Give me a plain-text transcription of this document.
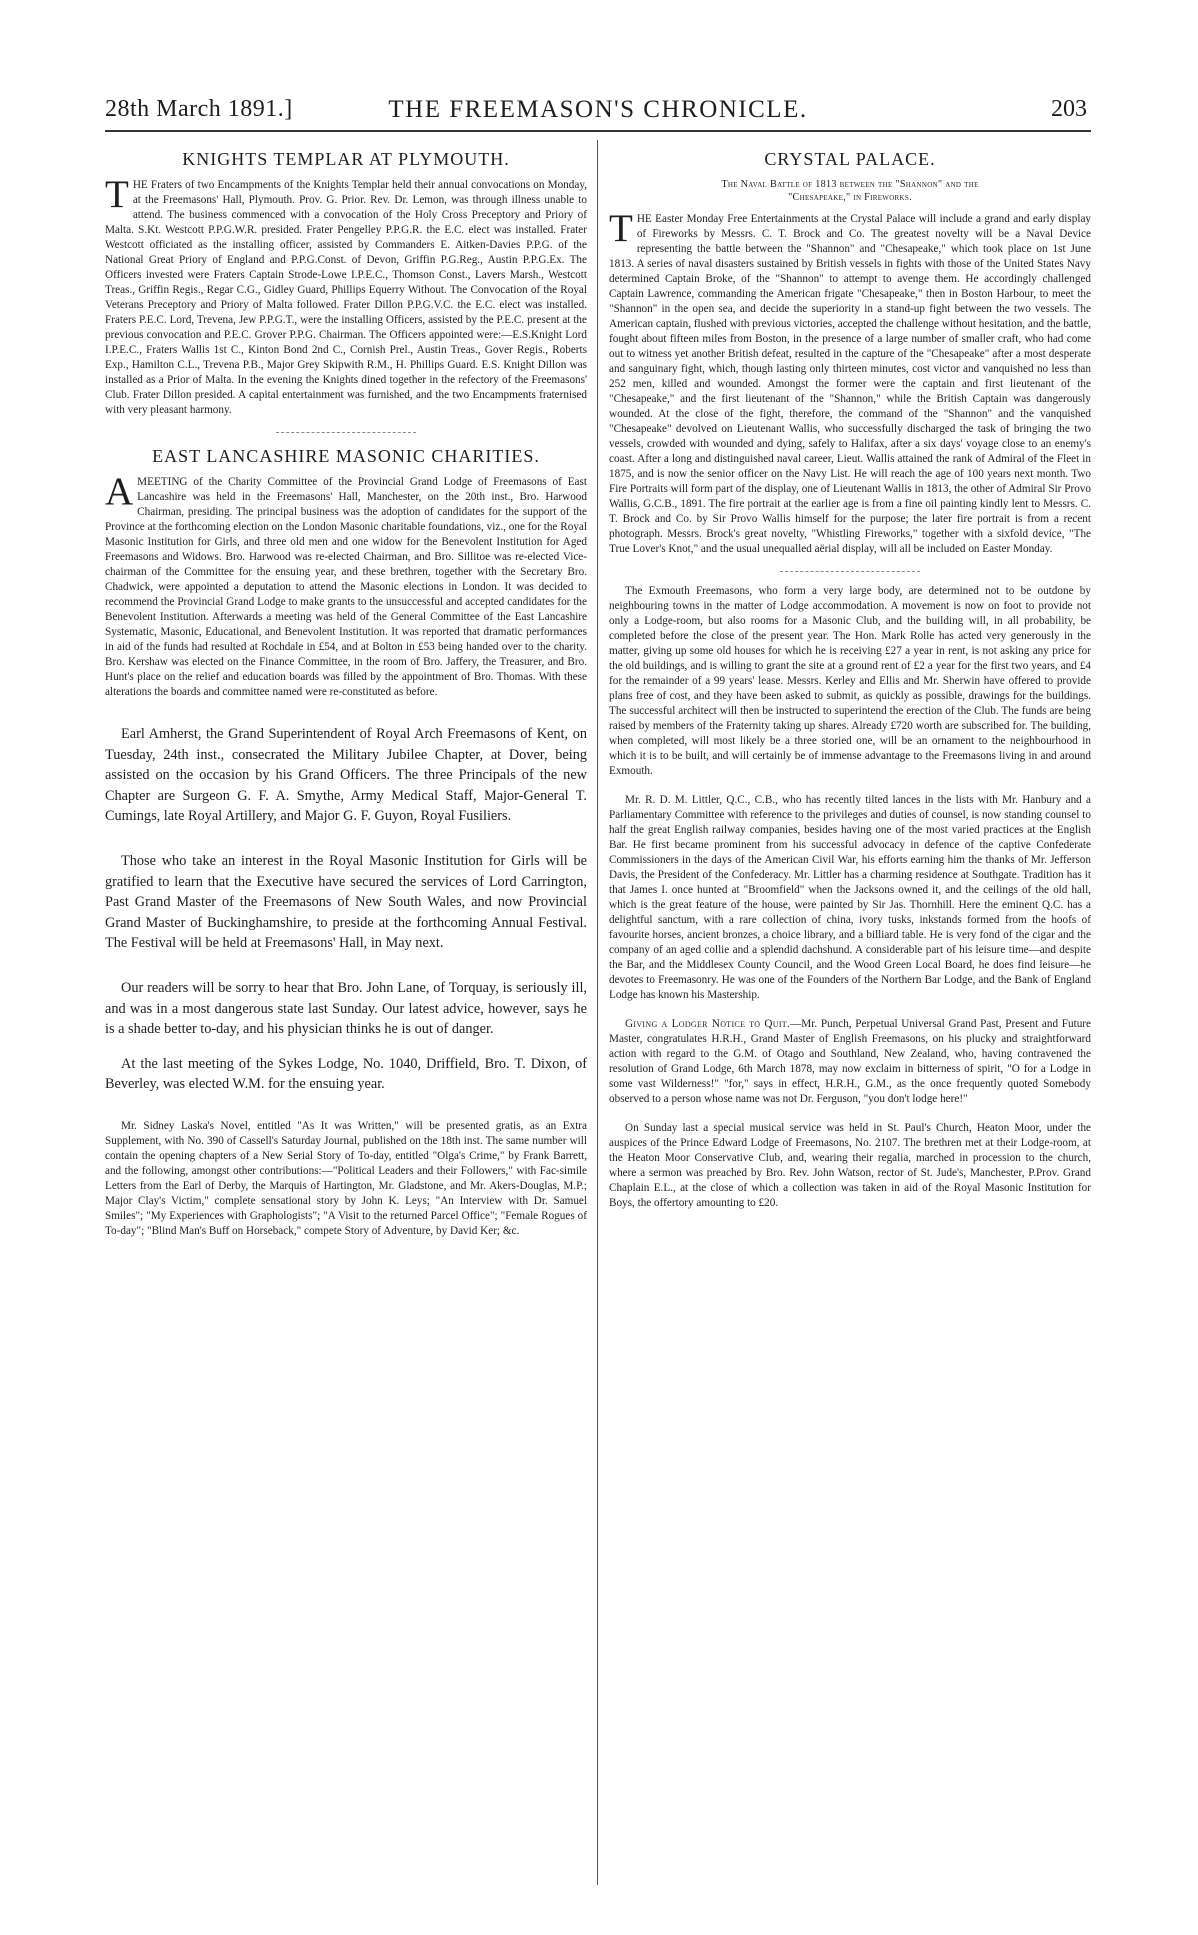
28th March 1891.]	THE FREEMASON'S CHRONICLE.	203
KNIGHTS TEMPLAR AT PLYMOUTH.

THE Fraters of two Encampments of the Knights Templar held their annual convocations on Monday, at the Freemasons' Hall, Plymouth. Prov. G. Prior. Rev. Dr. Lemon, was through illness unable to attend. The business commenced with a convocation of the Holy Cross Preceptory and Priory of Malta. S.Kt. Westcott P.P.G.W.R. presided. Frater Pengelley P.P.G.R. the E.C. elect was installed. Frater Westcott officiated as the installing officer, assisted by Commanders E. Aitken-Davies P.P.G. of the National Great Priory of England and P.P.G.Const. of Devon, Griffin P.G.Reg., Austin P.P.G.Ex. The Officers invested were Fraters Captain Strode-Lowe I.P.E.C., Thomson Const., Lavers Marsh., Westcott Treas., Griffin Regis., Regar C.G., Gidley Guard, Phillips Equerry Without. The Convocation of the Royal Veterans Preceptory and Priory of Malta followed. Frater Dillon P.P.G.V.C. the E.C. elect was installed. Fraters P.E.C. Lord, Trevena, Jew P.P.G.T., were the installing Officers, assisted by the P.E.C. present at the previous convocation and P.E.C. Grover P.P.G. Chairman. The Officers appointed were:—E.S.Knight Lord I.P.E.C., Fraters Wallis 1st C., Kinton Bond 2nd C., Cornish Prel., Austin Treas., Gover Regis., Roberts Exp., Hamilton C.L., Trevena P.B., Major Grey Skipwith R.M., H. Phillips Guard. E.S. Knight Dillon was installed as a Prior of Malta. In the evening the Knights dined together in the refectory of the Freemasons' Club. Frater Dillon presided. A capital entertainment was furnished, and the two Encampments fraternised with very pleasant harmony.

EAST LANCASHIRE MASONIC CHARITIES.

AMEETING of the Charity Committee of the Provincial Grand Lodge of Freemasons of East Lancashire was held in the Freemasons' Hall, Manchester, on the 20th inst., Bro. Harwood Chairman, presiding. The principal business was the adoption of candidates for the support of the Province at the forthcoming election on the London Masonic charitable foundations, viz., one for the Royal Masonic Institution for Girls, and three old men and one widow for the Benevolent Institution for Aged Freemasons and Widows. Bro. Harwood was re-elected Chairman, and Bro. Sillitoe was re-elected Vice-chairman of the Committee for the ensuing year, and these brethren, together with the Secretary Bro. Chadwick, were appointed a deputation to attend the Masonic elections in London. It was decided to recommend the Provincial Grand Lodge to make grants to the unsuccessful and accepted candidates for the Benevolent Institution. Afterwards a meeting was held of the General Committee of the East Lancashire Systematic, Masonic, Educational, and Benevolent Institution. It was reported that dramatic performances in aid of the funds had resulted at Rochdale in £54, and at Bolton in £53 being handed over to the charity. Bro. Kershaw was elected on the Finance Committee, in the room of Bro. Jaffery, the Treasurer, and Bro. Hunt's place on the relief and education boards was filled by the appointment of Bro. Thomas. With these alterations the boards and committee named were re-constituted as before.

Earl Amherst, the Grand Superintendent of Royal Arch Freemasons of Kent, on Tuesday, 24th inst., consecrated the Military Jubilee Chapter, at Dover, being assisted on the occasion by his Grand Officers. The three Principals of the new Chapter are Surgeon G. F. A. Smythe, Army Medical Staff, Major-General T. Cumings, late Royal Artillery, and Major G. F. Guyon, Royal Fusiliers.

Those who take an interest in the Royal Masonic Institution for Girls will be gratified to learn that the Executive have secured the services of Lord Carrington, Past Grand Master of the Freemasons of New South Wales, and now Provincial Grand Master of Buckinghamshire, to preside at the forthcoming Annual Festival. The Festival will be held at Freemasons' Hall, in May next.

Our readers will be sorry to hear that Bro. John Lane, of Torquay, is seriously ill, and was in a most dangerous state last Sunday. Our latest advice, however, says he is a shade better to-day, and his physician thinks he is out of danger.

At the last meeting of the Sykes Lodge, No. 1040, Driffield, Bro. T. Dixon, of Beverley, was elected W.M. for the ensuing year.

Mr. Sidney Laska's Novel, entitled "As It was Written," will be presented gratis, as an Extra Supplement, with No. 390 of Cassell's Saturday Journal, published on the 18th inst. The same number will contain the opening chapters of a New Serial Story of To-day, entitled "Olga's Crime," by Frank Barrett, and the following, amongst other contributions:—"Political Leaders and their Followers," with Fac-simile Letters from the Earl of Derby, the Marquis of Hartington, Mr. Gladstone, and Mr. Akers-Douglas, M.P.; Major Clay's Victim," complete sensational story by John K. Leys; "An Interview with Dr. Samuel Smiles"; "My Experiences with Graphologists"; "A Visit to the returned Parcel Office"; "Female Rogues of To-day"; "Blind Man's Buff on Horseback," compete Story of Adventure, by David Ker; &c.

CRYSTAL PALACE.
The Naval Battle of 1813 between the "Shannon" and the
"Chesapeake," in Fireworks.

THE Easter Monday Free Entertainments at the Crystal Palace will include a grand and early display of Fireworks by Messrs. C. T. Brock and Co. The greatest novelty will be a Naval Device representing the battle between the "Shannon" and "Chesapeake," which took place on 1st June 1813. A series of naval disasters sustained by British vessels in fights with those of the United States Navy determined Captain Broke, of the "Shannon" to attempt to avenge them. He accordingly challenged Captain Lawrence, commanding the American frigate "Chesapeake," then in Boston Harbour, to meet the "Shannon" in the open sea, and decide the superiority in a stand-up fight between the two vessels. The American captain, flushed with previous victories, accepted the challenge without hesitation, and the battle, fought about fifteen miles from Boston, in the presence of a large number of smaller craft, who had come out to witness yet another British defeat, resulted in the capture of the "Chesapeake" after a most desperate and sanguinary fight, which, though lasting only thirteen minutes, cost victor and vanquished no less than 252 men, killed and wounded. Amongst the former were the captain and first lieutenant of the "Chesapeake," and the first lieutenant of the "Shannon," while the British Captain was dangerously wounded. At the close of the fight, therefore, the command of the "Shannon" and the vanquished "Chesapeake" devolved on Lieutenant Wallis, who successfully discharged the task of bringing the two vessels, crowded with wounded and dying, safely to Halifax, after a six days' voyage close to an enemy's coast. After a long and distinguished naval career, Lieut. Wallis attained the rank of Admiral of the Fleet in 1875, and is now the senior officer on the Navy List. He will reach the age of 100 years next month. Two Fire Portraits will form part of the display, one of Lieutenant Wallis in 1813, the other of Admiral Sir Provo Wallis, G.C.B., 1891. The fire portrait at the earlier age is from a fine oil painting kindly lent to Messrs. C. T. Brock and Co. by Sir Provo Wallis himself for the purpose; the later fire portrait is from a recent photograph. Messrs. Brock's great novelty, "Whistling Fireworks," together with a sixfold device, "The True Lover's Knot," and the usual unequalled aërial display, will all be included on Easter Monday.

The Exmouth Freemasons, who form a very large body, are determined not to be outdone by neighbouring towns in the matter of Lodge accommodation. A movement is now on foot to provide not only a Lodge-room, but also rooms for a Masonic Club, and the building will, in all probability, be completed before the close of the present year. The Hon. Mark Rolle has acted very generously in the matter, giving up some old houses for which he is receiving £27 a year in rent, is not asking any price for the old buildings, and is willing to grant the site at a ground rent of £2 a year for the first two years, and £4 for the remainder of a 99 years' lease. Messrs. Kerley and Ellis and Mr. Sherwin have offered to provide plans free of cost, and they have been asked to submit, as quickly as possible, drawings for the buildings. The successful architect will then be instructed to superintend the erection of the Club. The funds are being raised by members of the Fraternity taking up shares. Already £720 worth are subscribed for. The building, when completed, will most likely be a three storied one, will be an ornament to the neighbourhood in which it is to be built, and will certainly be of immense advantage to the Freemasons living in and around Exmouth.

Mr. R. D. M. Littler, Q.C., C.B., who has recently tilted lances in the lists with Mr. Hanbury and a Parliamentary Committee with reference to the privileges and duties of counsel, is now standing counsel to half the great English railway companies, besides having one of the most varied practices at the English Bar. He first became prominent from his successful advocacy in defence of the captive Confederate Commissioners in the days of the American Civil War, his efforts earning him the thanks of Mr. Jefferson Davis, the President of the Confederacy. Mr. Littler has a charming residence at Southgate. Tradition has it that James I. once hunted at "Broomfield" when the Jacksons owned it, and the ceilings of the old hall, which is the great feature of the house, were painted by Sir Jas. Thornhill. Here the eminent Q.C. has a delightful sanctum, with a rare collection of china, ivory tusks, inkstands formed from the hoofs of favourite horses, ancient bronzes, a choice library, and a billiard table. He is very fond of the cigar and the company of an aged collie and a splendid dachshund. A considerable part of his leisure time—and despite the Bar, and the Middlesex County Council, and the Wood Green Local Board, he does find leisure—he devotes to Freemasonry. He was one of the Founders of the Northern Bar Lodge, and the Bank of England Lodge has known his Mastership.

Giving a Lodger Notice to Quit.—Mr. Punch, Perpetual Universal Grand Past, Present and Future Master, congratulates H.R.H., Grand Master of English Freemasons, on his plucky and straightforward action with regard to the G.M. of Otago and Southland, New Zealand, who, having contravened the resolution of Grand Lodge, 6th March 1878, may now exclaim in bitterness of spirit, "O for a Lodge in some vast Wilderness!" "for," says in effect, H.R.H., G.M., as the once frequently quoted Somebody observed to a person whose name was not Dr. Ferguson, "you don't lodge here!"

On Sunday last a special musical service was held in St. Paul's Church, Heaton Moor, under the auspices of the Prince Edward Lodge of Freemasons, No. 2107. The brethren met at their Lodge-room, at the Heaton Moor Conservative Club, and, wearing their regalia, marched in procession to the church, where a sermon was preached by Bro. Rev. John Watson, rector of St. Jude's, Manchester, P.Prov. Grand Chaplain E.L., at the close of which a collection was taken in aid of the Royal Masonic Institution for Boys, the offertory amounting to £20.
